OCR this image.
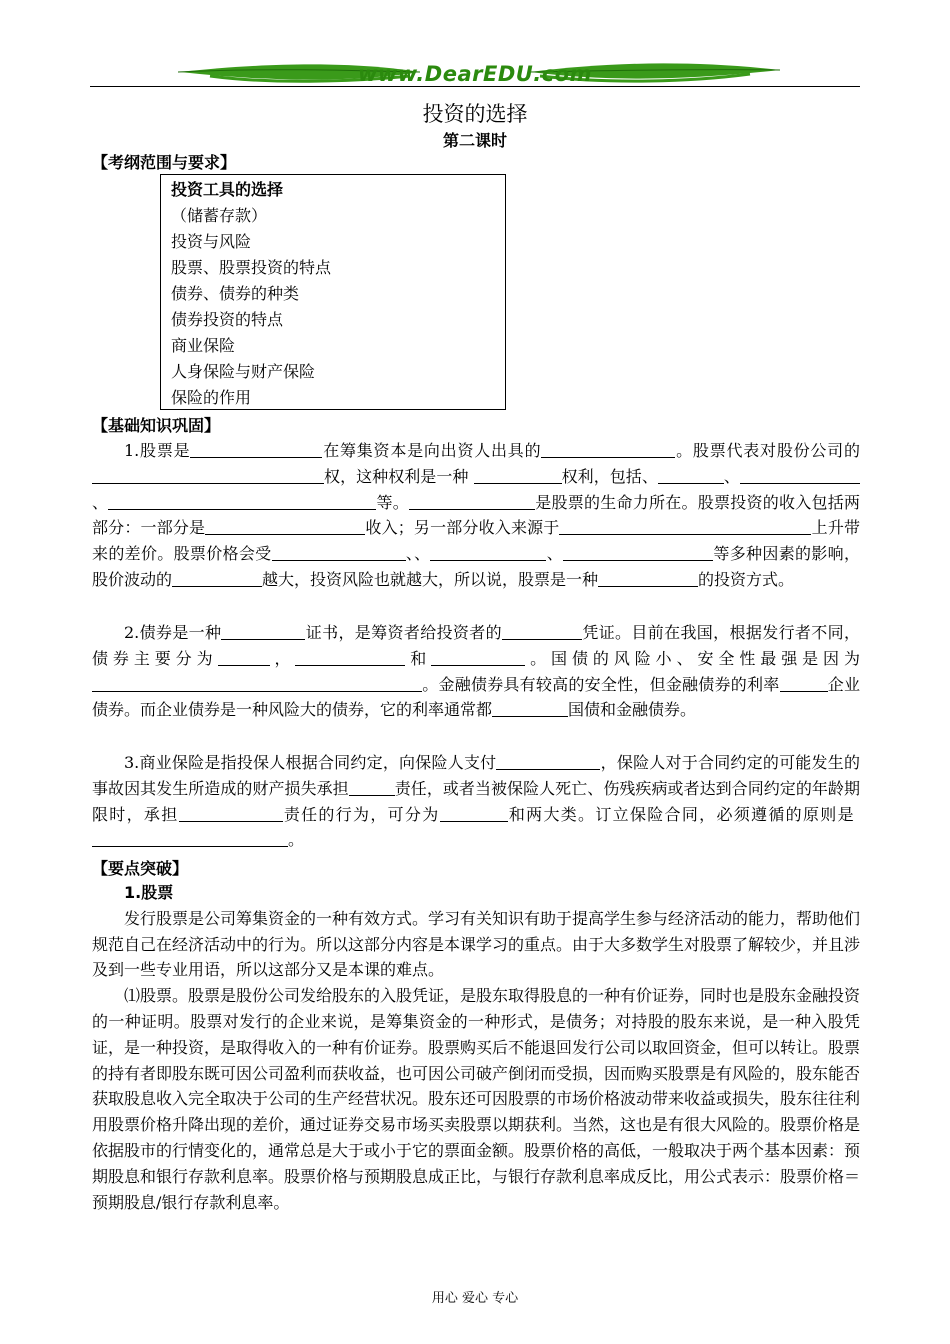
www.DearEDU.com
投资的选择
第二课时
【考纲范围与要求】
投资工具的选择
（储蓄存款）
投资与风险
股票、股票投资的特点
债券、债券的种类
债券投资的特点
商业保险
人身保险与财产保险
保险的作用
【基础知识巩固】

1.股票是	在筹集资本是向出资人出具的	。股票代表对股份公司的权，这种权利是一种	权利，包括、	、、	等。	是股票的生命力所在。股票投资的收入包括两部分：一部分是	收入；另一部分收入来源于	上升带来的差价。股票价格会受	、、	、	等多种因素的影响，股价波动的	越大，投资风险也就越大，所以说，股票是一种	的投资方式。

2.债券是一种	证书，是筹资者给投资者的	凭证。目前在我国，根据发行者不同，债券主要分为	，	和	。国债的风险小、安全性最强是因为。金融债券具有较高的安全性，但金融债券的利率	企业债券。而企业债券是一种风险大的债券，它的利率通常都	国债和金融债券。

3.商业保险是指投保人根据合同约定，向保险人支付	，保险人对于合同约定的可能发生的事故因其发生所造成的财产损失承担	责任，或者当被保险人死亡、伤残疾病或者达到合同约定的年龄期限时，承担	责任的行为，可分为	和两大类。订立保险合同，必须遵循的原则是 。

【要点突破】

1.股票

发行股票是公司筹集资金的一种有效方式。学习有关知识有助于提高学生参与经济活动的能力，帮助他们规范自己在经济活动中的行为。所以这部分内容是本课学习的重点。由于大多数学生对股票了解较少，并且涉及到一些专业用语，所以这部分又是本课的难点。

⑴股票。股票是股份公司发给股东的入股凭证，是股东取得股息的一种有价证券，同时也是股东金融投资的一种证明。股票对发行的企业来说，是筹集资金的一种形式，是债务；对持股的股东来说，是一种入股凭证，是一种投资，是取得收入的一种有价证券。股票购买后不能退回发行公司以取回资金，但可以转让。股票的持有者即股东既可因公司盈利而获收益，也可因公司破产倒闭而受损，因而购买股票是有风险的，股东能否获取股息收入完全取决于公司的生产经营状况。股东还可因股票的市场价格波动带来收益或损失，股东往往利用股票价格升降出现的差价，通过证券交易市场买卖股票以期获利。当然，这也是有很大风险的。股票价格是依据股市的行情变化的，通常总是大于或小于它的票面金额。股票价格的高低，一般取决于两个基本因素：预期股息和银行存款利息率。股票价格与预期股息成正比，与银行存款利息率成反比，用公式表示：股票价格＝预期股息/银行存款利息率。

用心 爱心 专心
